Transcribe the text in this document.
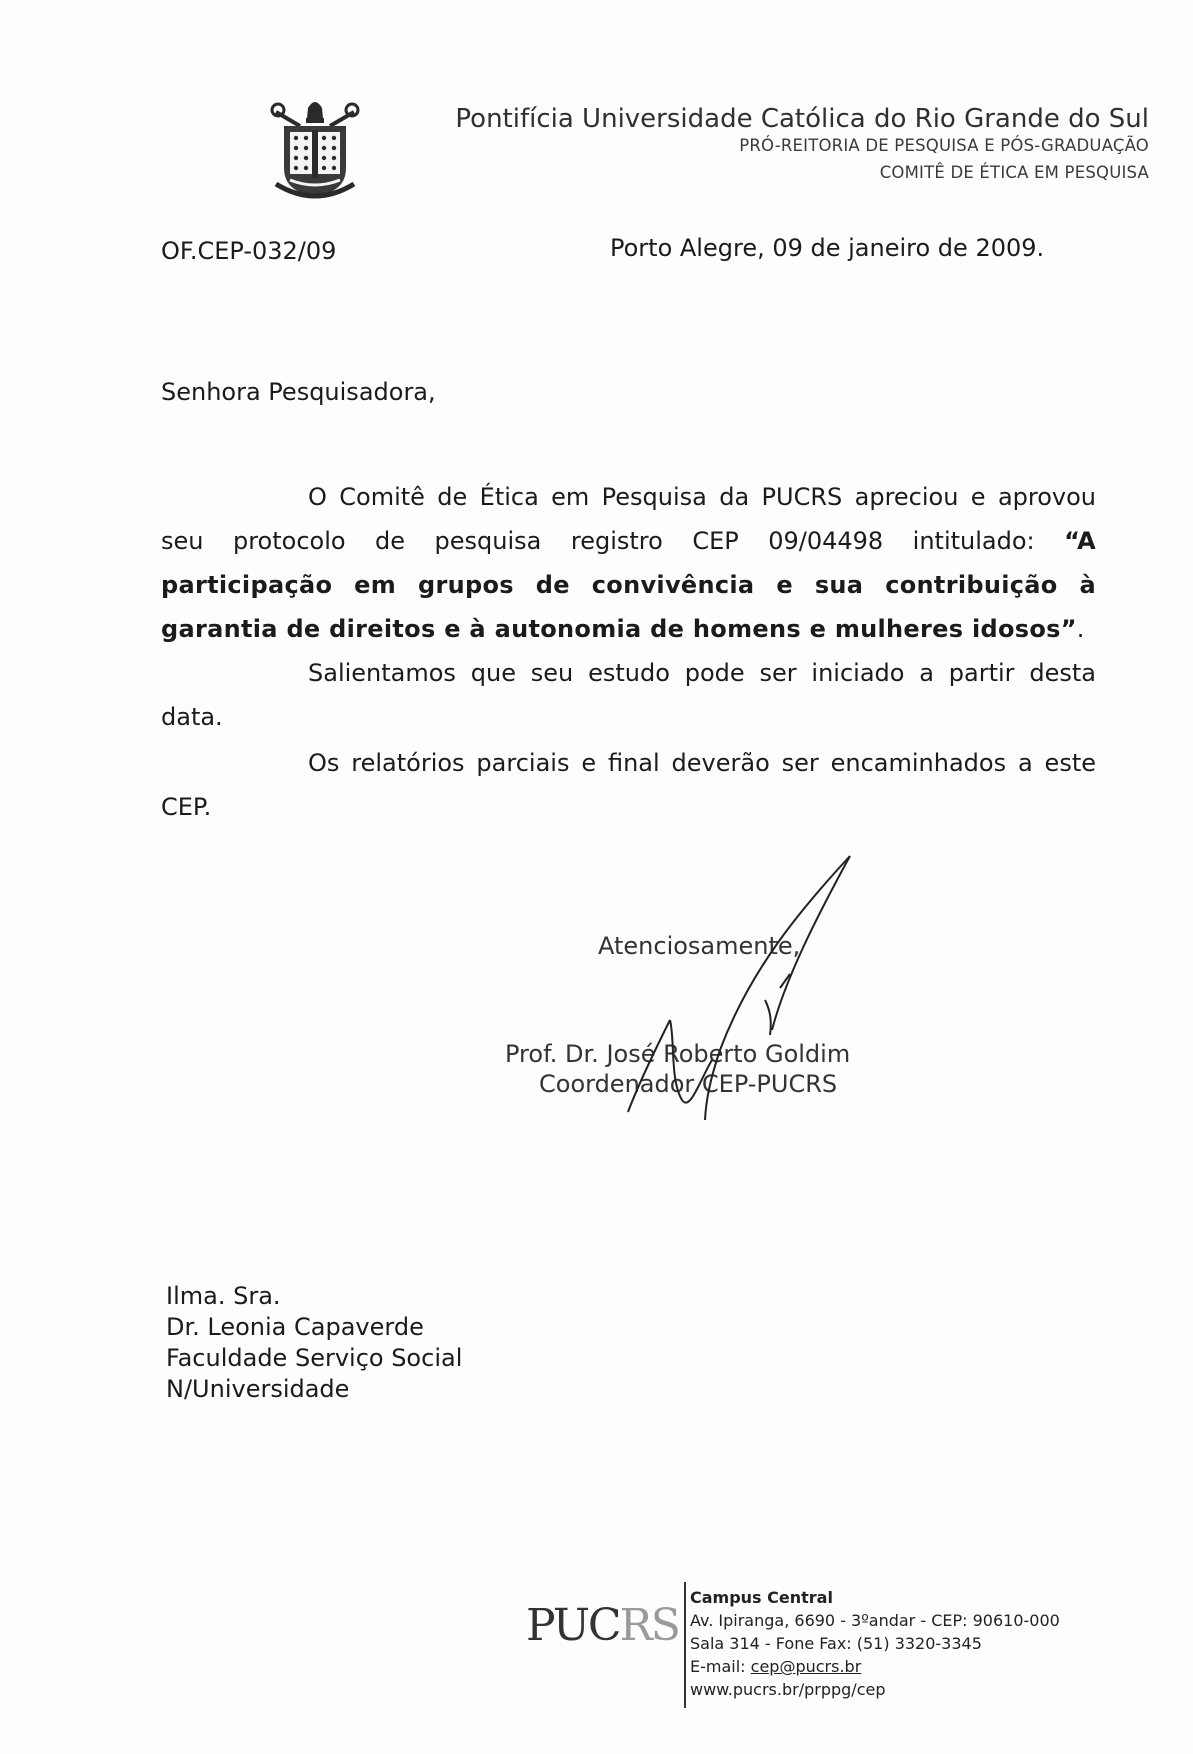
Pontifícia Universidade Católica do Rio Grande do Sul
PRÓ-REITORIA DE PESQUISA E PÓS-GRADUAÇÃO
COMITÊ DE ÉTICA EM PESQUISA
OF.CEP-032/09	Porto Alegre, 09 de janeiro de 2009.
Senhora Pesquisadora,

O Comitê de Ética em Pesquisa da PUCRS apreciou e aprovou seu protocolo de pesquisa registro CEP 09/04498 intitulado: “A participação em grupos de convivência e sua contribuição à garantia de direitos e à autonomia de homens e mulheres idosos”.

Salientamos que seu estudo pode ser iniciado a partir desta data.

Os relatórios parciais e final deverão ser encaminhados a este CEP.

Atenciosamente,
Prof. Dr. José Roberto Goldim
Coordenador CEP-PUCRS
Ilma. Sra.
Dr. Leonia Capaverde
Faculdade Serviço Social
N/Universidade
PUCRS
Campus Central
Av. Ipiranga, 6690 - 3ºandar - CEP: 90610-000
Sala 314 - Fone Fax: (51) 3320-3345
E-mail: cep@pucrs.br
www.pucrs.br/prppg/cep
